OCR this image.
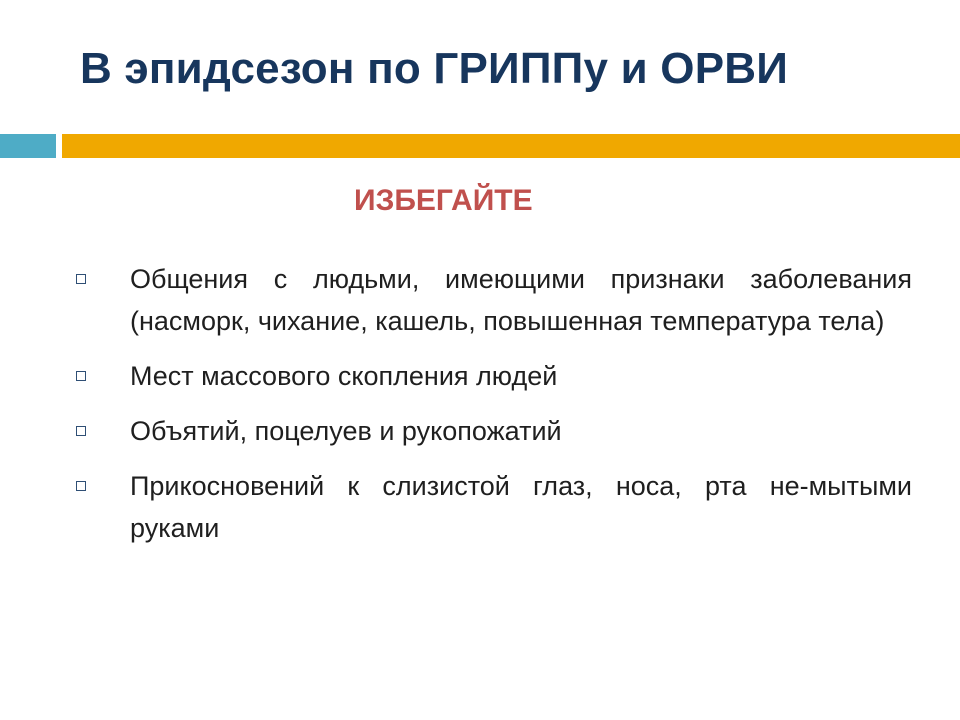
В эпидсезон по ГРИППу и ОРВИ
ИЗБЕГАЙТЕ
Общения с людьми, имеющими признаки заболевания (насморк, чихание, кашель, повышенная температура тела)
Мест массового скопления людей
Объятий, поцелуев и рукопожатий
Прикосновений к слизистой глаз, носа, рта не-мытыми руками
